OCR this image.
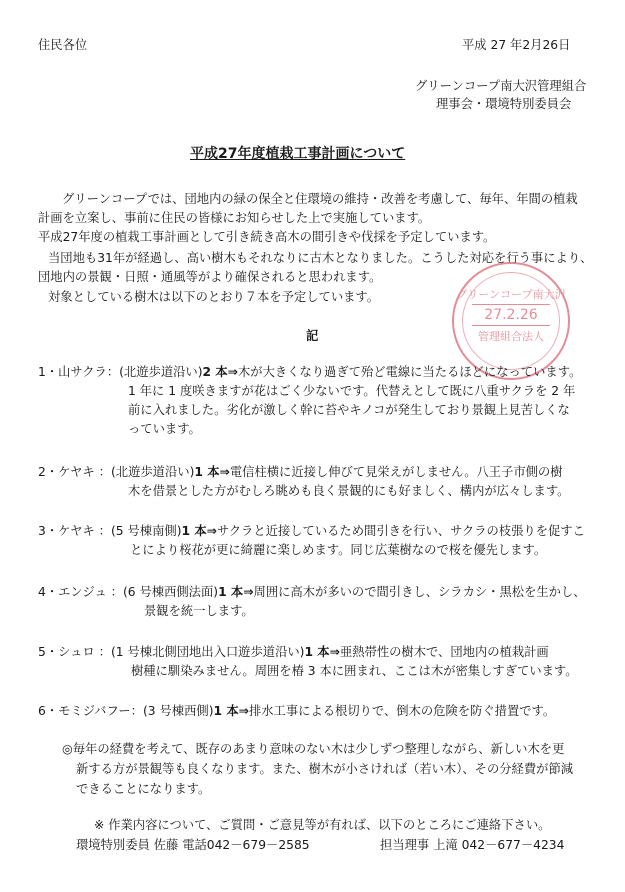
住民各位	平成 27 年2月26日
グリーンコープ南大沢管理組合
理事会・環境特別委員会
平成27年度植栽工事計画について
グリーンコープでは、団地内の緑の保全と住環境の維持・改善を考慮して、毎年、年間の植栽
計画を立案し、事前に住民の皆様にお知らせした上で実施しています。
平成27年度の植栽工事計画として引き続き高木の間引きや伐採を予定しています。
当団地も31年が経過し、高い樹木もそれなりに古木となりました。こうした対応を行う事により、
団地内の景観・日照・通風等がより確保されると思われます。
対象としている樹木は以下のとおり７本を予定しています。	グリーンコープ南大沢
27.2.26
管理組合法人
記
1・山サクラ： (北遊歩道沿い) 2 本⇒ 木が大きくなり過ぎて殆ど電線に当たるほどになっています。
1 年に 1 度咲きますが花はごく少ないです。代替えとして既に八重サクラを 2 年
前に入れました。劣化が激しく幹に苔やキノコが発生しており景観上見苦しくな
っています。
2・ケヤキ ： (北遊歩道沿い) 1 本⇒ 電信柱横に近接し伸びて見栄えがしません。八王子市側の樹
木を借景とした方がむしろ眺めも良く景観的にも好ましく、構内が広々します。
3・ケヤキ ： (5 号棟南側) 1 本⇒ サクラと近接しているため間引きを行い、サクラの枝張りを促すこ
とにより桜花が更に綺麗に楽しめます。同じ広葉樹なので桜を優先します。
4・エンジュ ： (6 号棟西側法面) 1 本⇒ 周囲に高木が多いので間引きし、シラカシ・黒松を生かし、
景観を統一します。
5・シュロ ： (1 号棟北側団地出入口遊歩道沿い) 1 本⇒ 亜熱帯性の樹木で、団地内の植栽計画
樹種に馴染みません。周囲を椿 3 本に囲まれ、ここは木が密集しすぎています。
6・モミジバフー： (3 号棟西側) 1 本⇒ 排水工事による根切りで、倒木の危険を防ぐ措置です。
◎毎年の経費を考えて、既存のあまり意味のない木は少しずつ整理しながら、新しい木を更
新する方が景観等も良くなります。また、樹木が小さければ（若い木）、その分経費が節減
できることになります。
※ 作業内容について、ご質問・ご意見等が有れば、以下のところにご連絡下さい。
環境特別委員 佐藤 電話042－679－2585	担当理事 上滝 042－677－4234
